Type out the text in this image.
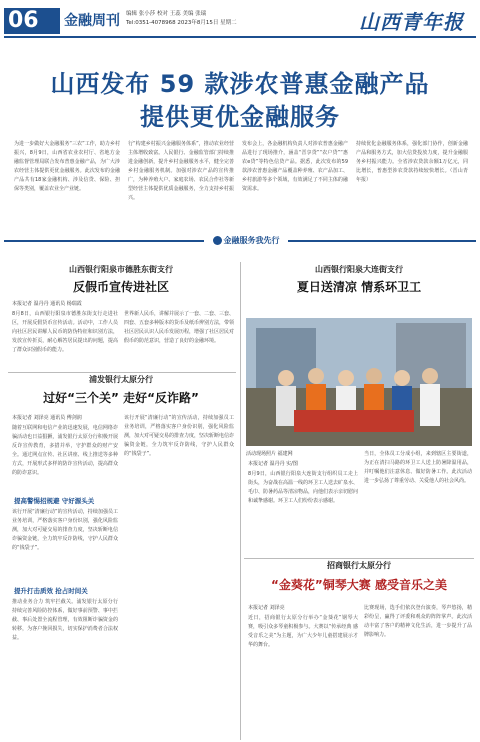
06	金融周刊 编辑 张小莎 校对 王蕊 美编 张瑞
Tel:0351-4078968 2023年8月15日 星期二	山西青年报
山西发布 59 款涉农普惠金融产品
提供更优金融服务
为进一步做好大金融服务“三农”工作，助力乡村振兴，8月9日，山西省农业农村厅、省地方金融监督管理局联合发布普惠金融产品，为广大涉农经营主体提供更优金融服务。此次发布的金融产品共有18家金融机构、涉及信贷、保险、担保等类别，覆盖农业全产业链。
行“构建乡村振兴金融服务体系”，推动农业经营主体增收致富。人民银行、金融监管部门持续推进金融创新，提升乡村金融服务水平，健全完善乡村金融服务机制。加强对涉农产品的宣传推广，为种养殖大户、家庭农场、农民合作社等新型经营主体提供优质金融服务，全力支持乡村振兴。
发布会上，各金融机构负责人对涉农普惠金融产品进行了现场推介，涵盖“晋享贷”“农户贷”“惠农e贷”等特色信贷产品。据悉，此次发布的59款涉农普惠金融产品覆盖种养殖、农产品加工、乡村旅游等多个领域，有效满足了不同主体的融资需求。
持续优化金融服务体系，强化部门协作，创新金融产品和服务方式，加大信贷投放力度，提升金融服务乡村振兴能力。全省涉农贷款余额1万亿元，同比增长，普惠型涉农贷款持续较快增长。（晋山青年报）
金融服务我先行
山西银行阳泉市德胜东街支行
反假币宣传进社区
本报记者 温丹丹 通讯员 杨瑞霞
8月8日，山西银行阳泉市德胜东街支行走进社区，开展反假货币宣传活动。活动中，工作人员向社区居民讲解人民币的防伪特征和识别方法，发放宣传折页，耐心解答居民提出的问题，提高了群众识别假币的能力。
世界新人民币，讲解并展示了一套、二套、三套、四套、五套多种版本的货币及纸币辨别方法，带领社区居民认识人民币发展历程，增强了社区居民对假币的防范意识，营造了良好的金融环境。
浦发银行太原分行
过好“三个关” 走好“反诈路”
本报记者 刘泽亮 通讯员 傅剑润
随着互联网和电信产业的迅速发展，电信网络诈骗活动也日益猖獗，浦发银行太原分行积极开展反诈宣传教育，多措并举，守护群众的财产安全。通过网点宣传、社区讲座、线上推送等多种方式，开展形式多样的防诈宣传活动，提高群众的防诈意识。
提高警惕招规避 守好源头关
该行开展“清廉行动”的宣传活动，持续加强员工业务培训，严格落实客户身份识别，强化风险监测，加大对可疑交易的排查力度，坚决斩断电信诈骗资金链，全力筑牢反诈防线，守护人民群众的“钱袋子”。
提升打击质效 抢占时间关
推动业务合力 筑牢拦截关。浦发银行太原分行持续完善风险防控体系，做好事前预警、事中拦截、事后处置全流程管理，有效阻断诈骗资金的转移，为客户挽回损失，切实保护消费者合法权益。
该行开展“清廉行动”的宣传活动，持续加强员工业务培训，严格落实客户身份识别，强化风险监测，加大对可疑交易的排查力度，坚决斩断电信诈骗资金链，全力筑牢反诈防线，守护人民群众的“钱袋子”。
山西银行阳泉大连街支行
夏日送清凉 情系环卫工
活动现场照片 福建网
本报记者 温丹丹 实/图
8月9日，山西银行阳泉大连街支行组织员工走上街头，为奋战在高温一线的环卫工人送去矿泉水、毛巾、防暑药品等清凉物品，向他们表示亲切慰问和诚挚感谢。环卫工人们纷纷表示感谢。
当日，全体员工分成小组，来到辖区主要街道，为正在清扫马路的环卫工人送上防暑降温用品，并叮嘱他们注意休息、做好防暑工作。此次活动进一步弘扬了尊重劳动、关爱他人的社会风尚。
招商银行太原分行
“金葵花”铜琴大赛 感受音乐之美
本报记者 刘泽亮
近日，招商银行太原分行举办“金葵花”钢琴大赛，吸引众多琴童积极参与。大赛以“传承经典 感受音乐之美”为主题，为广大少年儿童搭建展示才华的舞台。
比赛现场，选手们依次登台演奏，琴声悠扬，精彩纷呈，赢得了评委和观众的阵阵掌声。此次活动丰富了客户的精神文化生活，进一步提升了品牌影响力。
